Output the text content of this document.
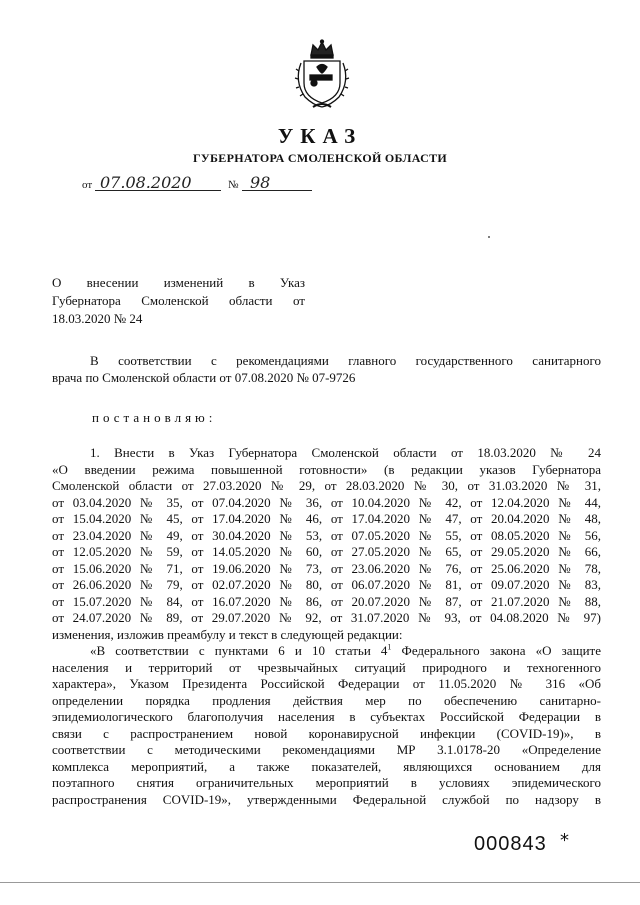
УКАЗ
ГУБЕРНАТОРА СМОЛЕНСКОЙ ОБЛАСТИ
от 07.08.2020	№ 98
О внесении изменений в Указ
Губернатора Смоленской области от
18.03.2020 № 24
В соответствии с рекомендациями главного государственного санитарного
врача по Смоленской области от 07.08.2020 № 07-9726
постановляю:
1. Внести в Указ Губернатора Смоленской области от 18.03.2020 № 24
«О введении режима повышенной готовности» (в редакции указов Губернатора
Смоленской области от 27.03.2020 № 29, от 28.03.2020 № 30, от 31.03.2020 № 31,
от 03.04.2020 № 35, от 07.04.2020 № 36, от 10.04.2020 № 42, от 12.04.2020 № 44,
от 15.04.2020 № 45, от 17.04.2020 № 46, от 17.04.2020 № 47, от 20.04.2020 № 48,
от 23.04.2020 № 49, от 30.04.2020 № 53, от 07.05.2020 № 55, от 08.05.2020 № 56,
от 12.05.2020 № 59, от 14.05.2020 № 60, от 27.05.2020 № 65, от 29.05.2020 № 66,
от 15.06.2020 № 71, от 19.06.2020 № 73, от 23.06.2020 № 76, от 25.06.2020 № 78,
от 26.06.2020 № 79, от 02.07.2020 № 80, от 06.07.2020 № 81, от 09.07.2020 № 83,
от 15.07.2020 № 84, от 16.07.2020 № 86, от 20.07.2020 № 87, от 21.07.2020 № 88,
от 24.07.2020 № 89, от 29.07.2020 № 92, от 31.07.2020 № 93, от 04.08.2020 № 97)
изменения, изложив преамбулу и текст в следующей редакции:
«В соответствии с пунктами 6 и 10 статьи $4^1$ Федерального закона «О защите
населения и территорий от чрезвычайных ситуаций природного и техногенного
характера», Указом Президента Российской Федерации от 11.05.2020 № 316 «Об
определении порядка продления действия мер по обеспечению санитарно-
эпидемиологического благополучия населения в субъектах Российской Федерации в
связи с распространением новой коронавирусной инфекции (COVID-19)», в
соответствии с методическими рекомендациями МР 3.1.0178-20 «Определение
комплекса мероприятий, а также показателей, являющихся основанием для
поэтапного снятия ограничительных мероприятий в условиях эпидемического
распространения COVID-19», утвержденными Федеральной службой по надзору в
000843 *
